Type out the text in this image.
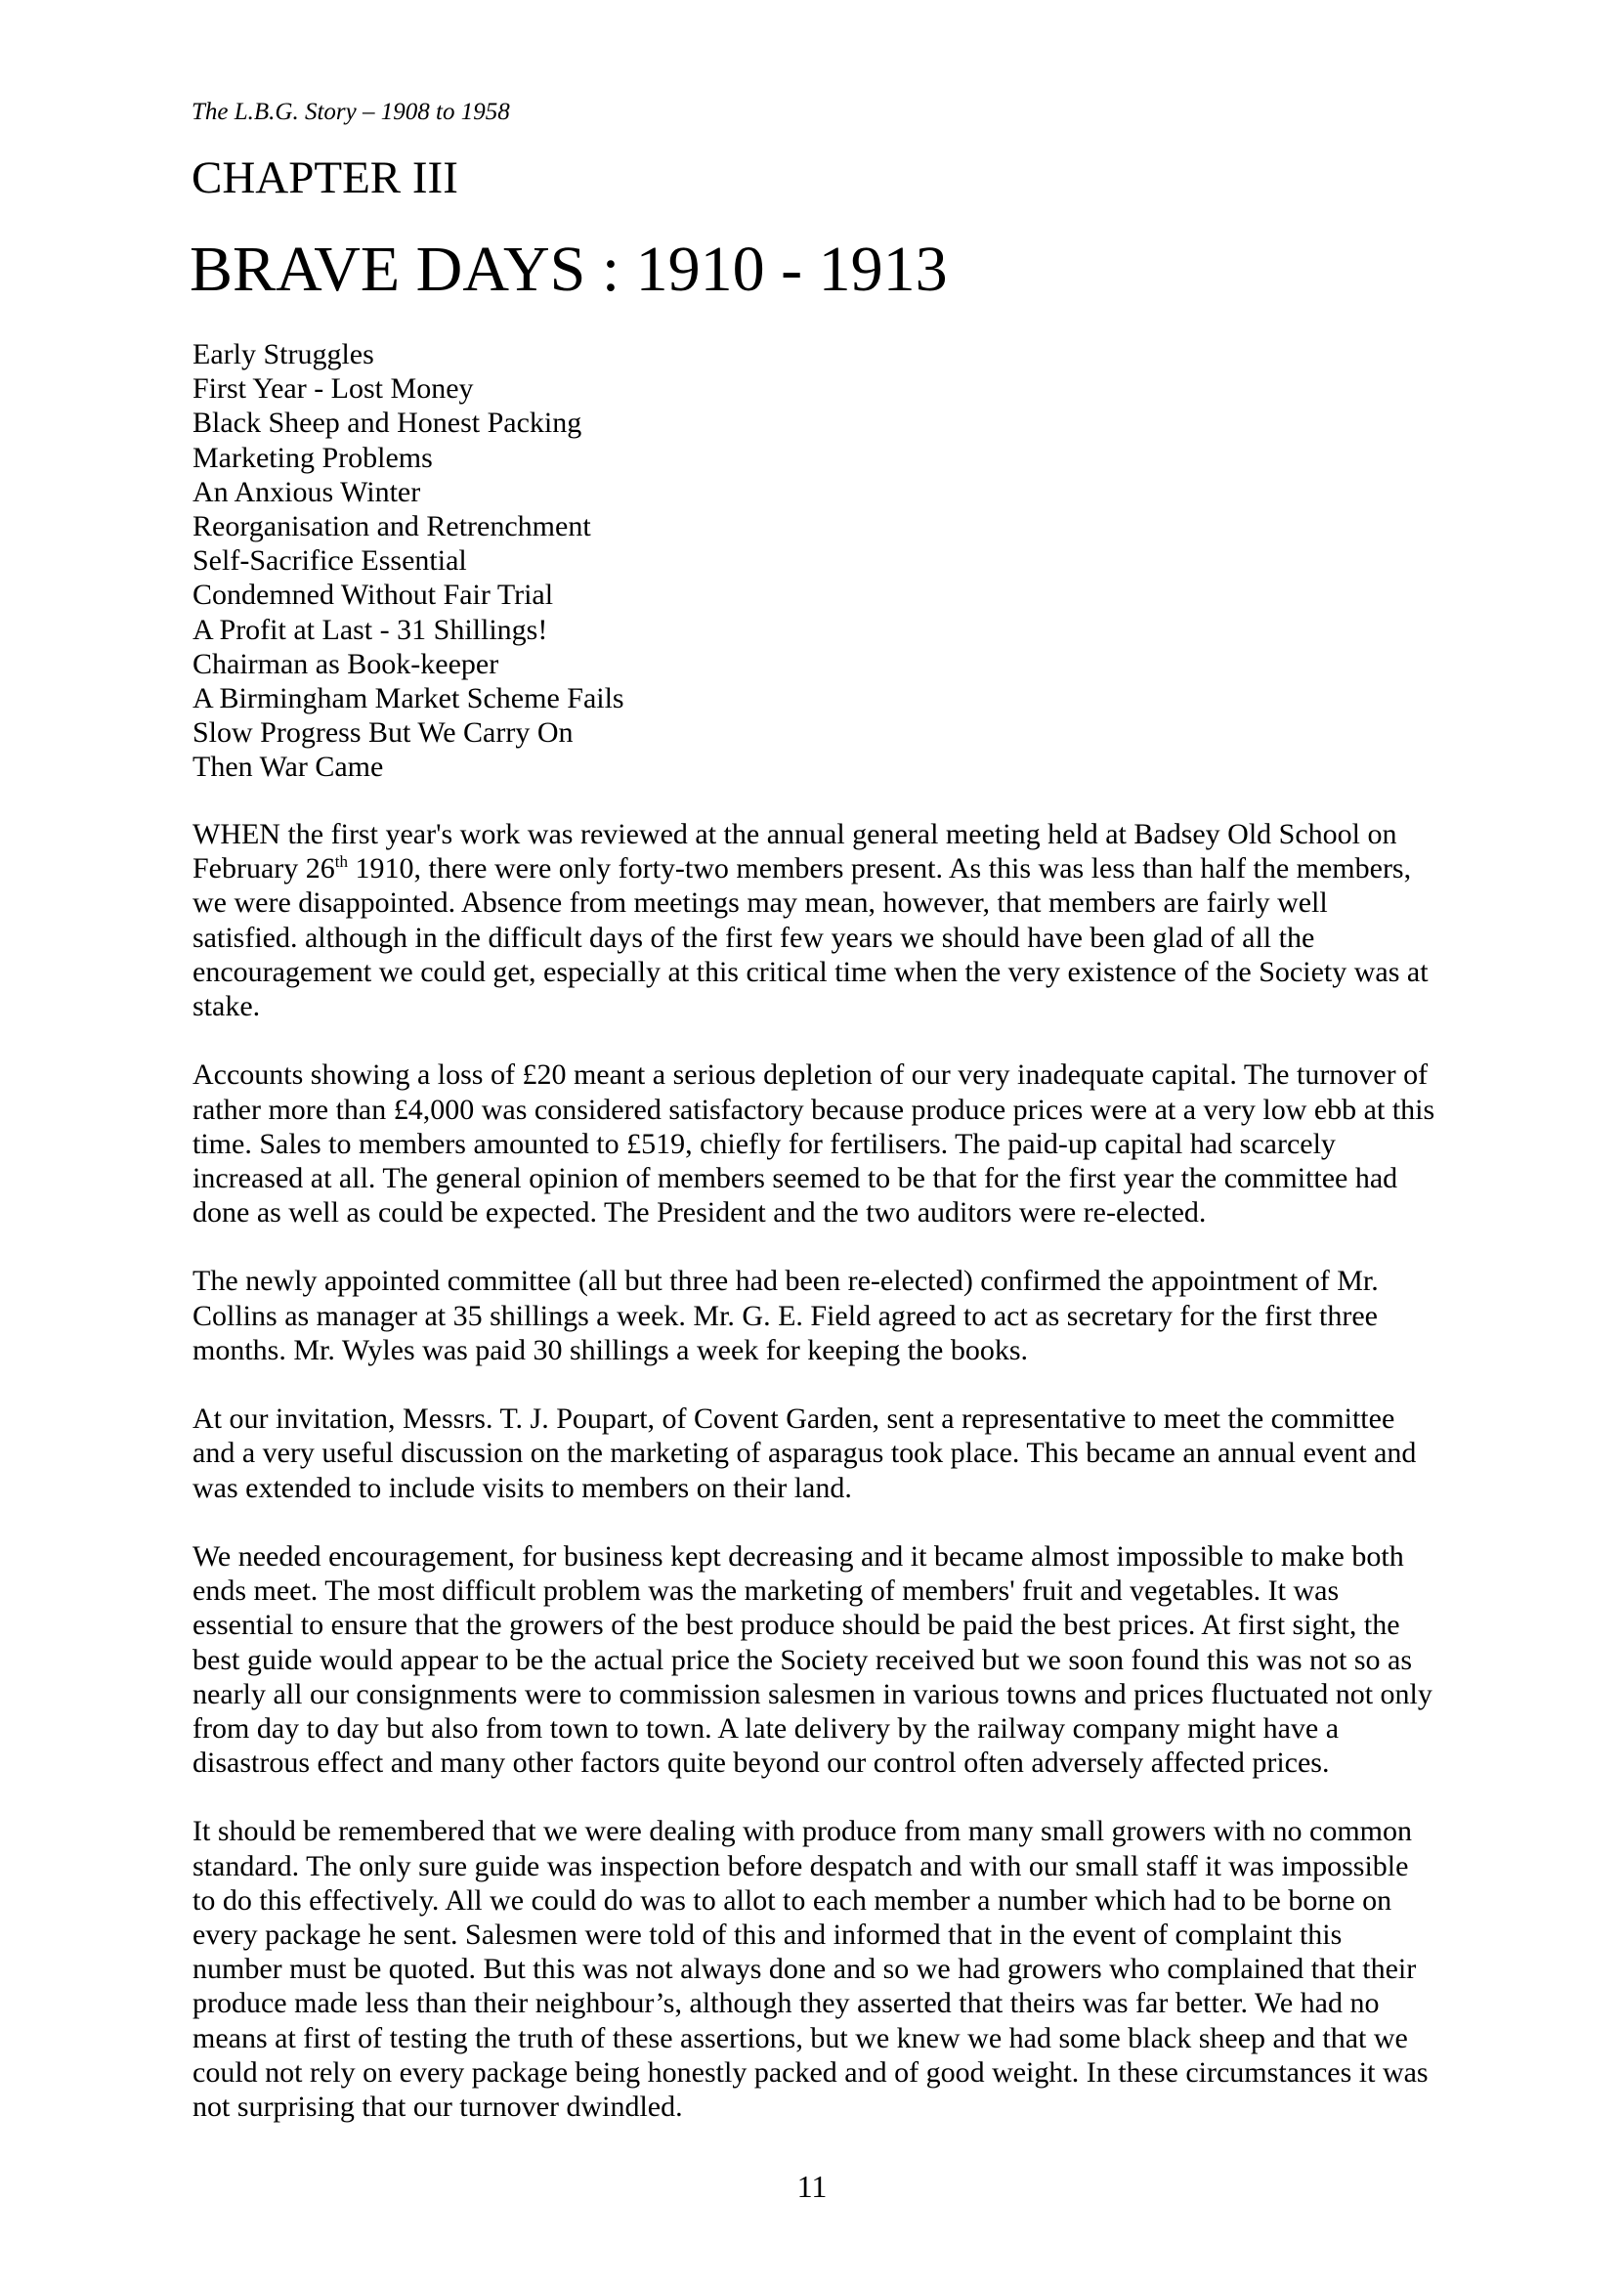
The L.B.G. Story – 1908 to 1958
CHAPTER III
BRAVE DAYS : 1910 - 1913
Early Struggles
First Year - Lost Money
Black Sheep and Honest Packing
Marketing Problems
An Anxious Winter
Reorganisation and Retrenchment
Self-Sacrifice Essential
Condemned Without Fair Trial
A Profit at Last - 31 Shillings!
Chairman as Book-keeper
A Birmingham Market Scheme Fails
Slow Progress But We Carry On
Then War Came

WHEN the first year's work was reviewed at the annual general meeting held at Badsey Old School on
February 26th 1910, there were only forty-two members present. As this was less than half the members,
we were disappointed. Absence from meetings may mean, however, that members are fairly well
satisfied. although in the difficult days of the first few years we should have been glad of all the
encouragement we could get, especially at this critical time when the very existence of the Society was at
stake.

Accounts showing a loss of £20 meant a serious depletion of our very inadequate capital. The turnover of
rather more than £4,000 was considered satisfactory because produce prices were at a very low ebb at this
time. Sales to members amounted to £519, chiefly for fertilisers. The paid-up capital had scarcely
increased at all. The general opinion of members seemed to be that for the first year the committee had
done as well as could be expected. The President and the two auditors were re-elected.

The newly appointed committee (all but three had been re-elected) confirmed the appointment of Mr.
Collins as manager at 35 shillings a week. Mr. G. E. Field agreed to act as secretary for the first three
months. Mr. Wyles was paid 30 shillings a week for keeping the books.

At our invitation, Messrs. T. J. Poupart, of Covent Garden, sent a representative to meet the committee
and a very useful discussion on the marketing of asparagus took place. This became an annual event and
was extended to include visits to members on their land.

We needed encouragement, for business kept decreasing and it became almost impossible to make both
ends meet. The most difficult problem was the marketing of members' fruit and vegetables. It was
essential to ensure that the growers of the best produce should be paid the best prices. At first sight, the
best guide would appear to be the actual price the Society received but we soon found this was not so as
nearly all our consignments were to commission salesmen in various towns and prices fluctuated not only
from day to day but also from town to town. A late delivery by the railway company might have a
disastrous effect and many other factors quite beyond our control often adversely affected prices.

It should be remembered that we were dealing with produce from many small growers with no common
standard. The only sure guide was inspection before despatch and with our small staff it was impossible
to do this effectively. All we could do was to allot to each member a number which had to be borne on
every package he sent. Salesmen were told of this and informed that in the event of complaint this
number must be quoted. But this was not always done and so we had growers who complained that their
produce made less than their neighbour’s, although they asserted that theirs was far better. We had no
means at first of testing the truth of these assertions, but we knew we had some black sheep and that we
could not rely on every package being honestly packed and of good weight. In these circumstances it was
not surprising that our turnover dwindled.

11
